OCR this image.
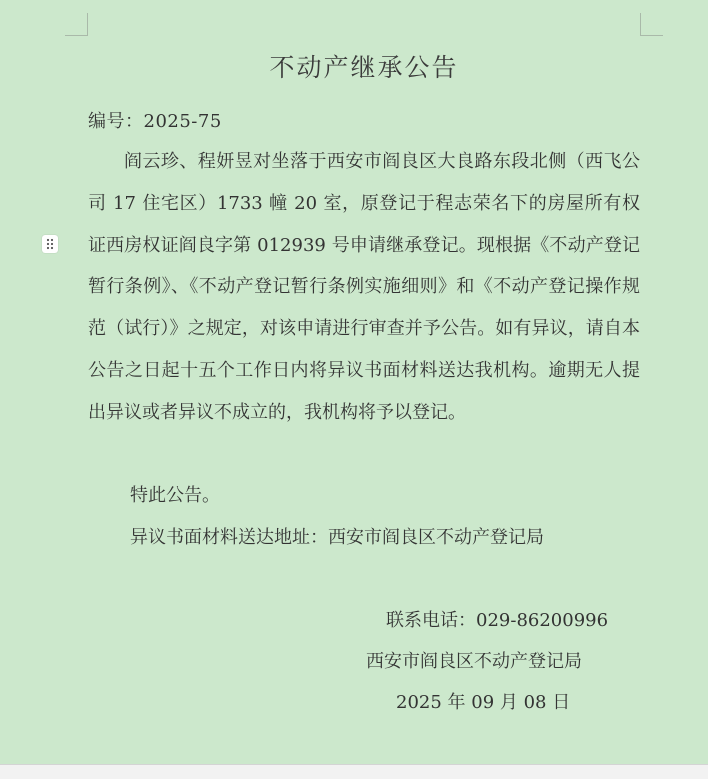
不动产继承公告
编号：2025-75

阎云珍、程妍昱对坐落于西安市阎良区大良路东段北侧（西飞公司 17 住宅区）1733 幢 20 室，原登记于程志荣名下的房屋所有权证西房权证阎良字第 012939 号申请继承登记。现根据《不动产登记暂行条例》、《不动产登记暂行条例实施细则》和《不动产登记操作规范（试行）》之规定，对该申请进行审查并予公告。如有异议，请自本公告之日起十五个工作日内将异议书面材料送达我机构。逾期无人提出异议或者异议不成立的，我机构将予以登记。

特此公告。
异议书面材料送达地址：西安市阎良区不动产登记局
联系电话：029-86200996
西安市阎良区不动产登记局
2025 年 09 月 08 日
